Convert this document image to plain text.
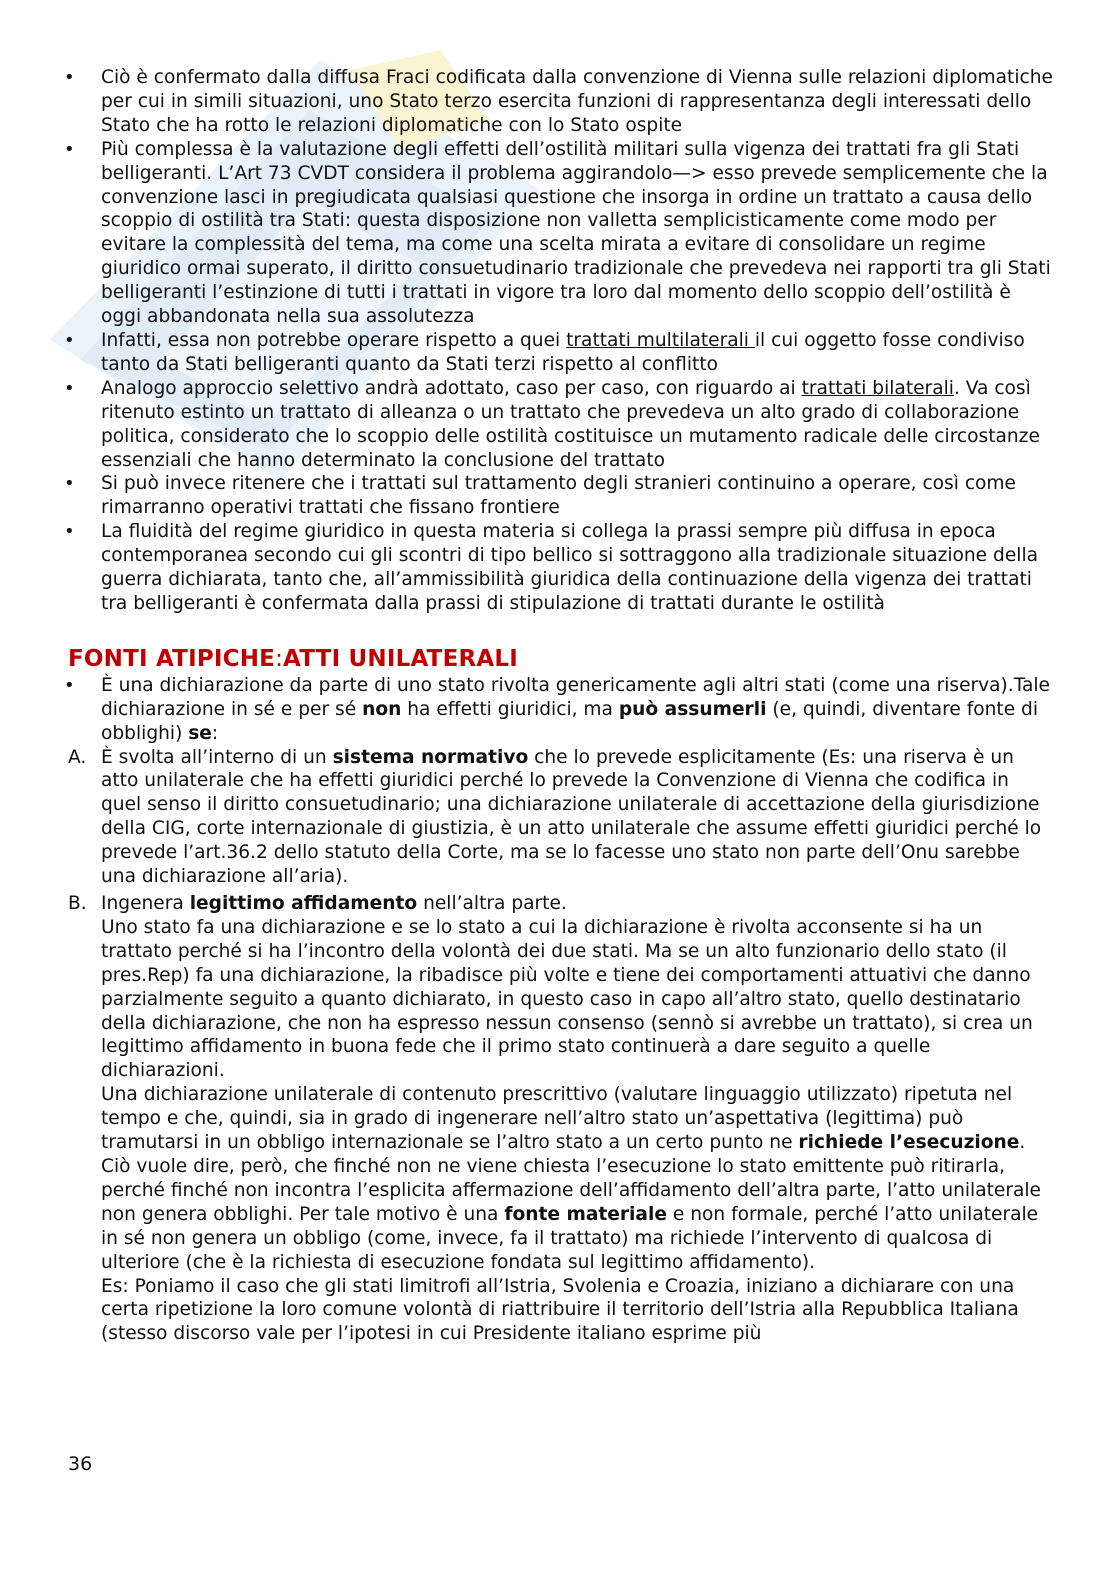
• Ciò è confermato dalla diffusa Fraci codificata dalla convenzione di Vienna sulle relazioni diplomatiche per cui in simili situazioni, uno Stato terzo esercita funzioni di rappresentanza degli interessati dello Stato che ha rotto le relazioni diplomatiche con lo Stato ospite
• Più complessa è la valutazione degli effetti dell’ostilità militari sulla vigenza dei trattati fra gli Stati belligeranti. L’Art 73 CVDT considera il problema aggirandolo—> esso prevede semplicemente che la convenzione lasci in pregiudicata qualsiasi questione che insorga in ordine un trattato a causa dello scoppio di ostilità tra Stati: questa disposizione non valletta semplicisticamente come modo per evitare la complessità del tema, ma come una scelta mirata a evitare di consolidare un regime giuridico ormai superato, il diritto consuetudinario tradizionale che prevedeva nei rapporti tra gli Stati belligeranti l’estinzione di tutti i trattati in vigore tra loro dal momento dello scoppio dell’ostilità è oggi abbandonata nella sua assolutezza
• Infatti, essa non potrebbe operare rispetto a quei trattati multilaterali il cui oggetto fosse condiviso tanto da Stati belligeranti quanto da Stati terzi rispetto al conflitto
• Analogo approccio selettivo andrà adottato, caso per caso, con riguardo ai trattati bilaterali. Va così ritenuto estinto un trattato di alleanza o un trattato che prevedeva un alto grado di collaborazione politica, considerato che lo scoppio delle ostilità costituisce un mutamento radicale delle circostanze essenziali che hanno determinato la conclusione del trattato
• Si può invece ritenere che i trattati sul trattamento degli stranieri continuino a operare, così come rimarranno operativi trattati che fissano frontiere
• La fluidità del regime giuridico in questa materia si collega la prassi sempre più diffusa in epoca contemporanea secondo cui gli scontri di tipo bellico si sottraggono alla tradizionale situazione della guerra dichiarata, tanto che, all’ammissibilità giuridica della continuazione della vigenza dei trattati tra belligeranti è confermata dalla prassi di stipulazione di trattati durante le ostilità
FONTI ATIPICHE:ATTI UNILATERALI
• È una dichiarazione da parte di uno stato rivolta genericamente agli altri stati (come una riserva).Tale dichiarazione in sé e per sé non ha effetti giuridici, ma può assumerli (e, quindi, diventare fonte di obblighi) se:
A. È svolta all’interno di un sistema normativo che lo prevede esplicitamente (Es: una riserva è un atto unilaterale che ha effetti giuridici perché lo prevede la Convenzione di Vienna che codifica in quel senso il diritto consuetudinario; una dichiarazione unilaterale di accettazione della giurisdizione della CIG, corte internazionale di giustizia, è un atto unilaterale che assume effetti giuridici perché lo prevede l’art.36.2 dello statuto della Corte, ma se lo facesse uno stato non parte dell’Onu sarebbe una dichiarazione all’aria).
B. Ingenera legittimo affidamento nell’altra parte.
Uno stato fa una dichiarazione e se lo stato a cui la dichiarazione è rivolta acconsente si ha un trattato perché si ha l’incontro della volontà dei due stati. Ma se un alto funzionario dello stato (il pres.Rep) fa una dichiarazione, la ribadisce più volte e tiene dei comportamenti attuativi che danno parzialmente seguito a quanto dichiarato, in questo caso in capo all’altro stato, quello destinatario della dichiarazione, che non ha espresso nessun consenso (sennò si avrebbe un trattato), si crea un legittimo affidamento in buona fede che il primo stato continuerà a dare seguito a quelle dichiarazioni.
Una dichiarazione unilaterale di contenuto prescrittivo (valutare linguaggio utilizzato) ripetuta nel tempo e che, quindi, sia in grado di ingenerare nell’altro stato un’aspettativa (legittima) può tramutarsi in un obbligo internazionale se l’altro stato a un certo punto ne richiede l’esecuzione. Ciò vuole dire, però, che finché non ne viene chiesta l’esecuzione lo stato emittente può ritirarla, perché finché non incontra l’esplicita affermazione dell’affidamento dell’altra parte, l’atto unilaterale non genera obblighi. Per tale motivo è una fonte materiale e non formale, perché l’atto unilaterale in sé non genera un obbligo (come, invece, fa il trattato) ma richiede l’intervento di qualcosa di ulteriore (che è la richiesta di esecuzione fondata sul legittimo affidamento).
Es: Poniamo il caso che gli stati limitrofi all’Istria, Svolenia e Croazia, iniziano a dichiarare con una certa ripetizione la loro comune volontà di riattribuire il territorio dell’Istria alla Repubblica Italiana (stesso discorso vale per l’ipotesi in cui Presidente italiano esprime più
36
